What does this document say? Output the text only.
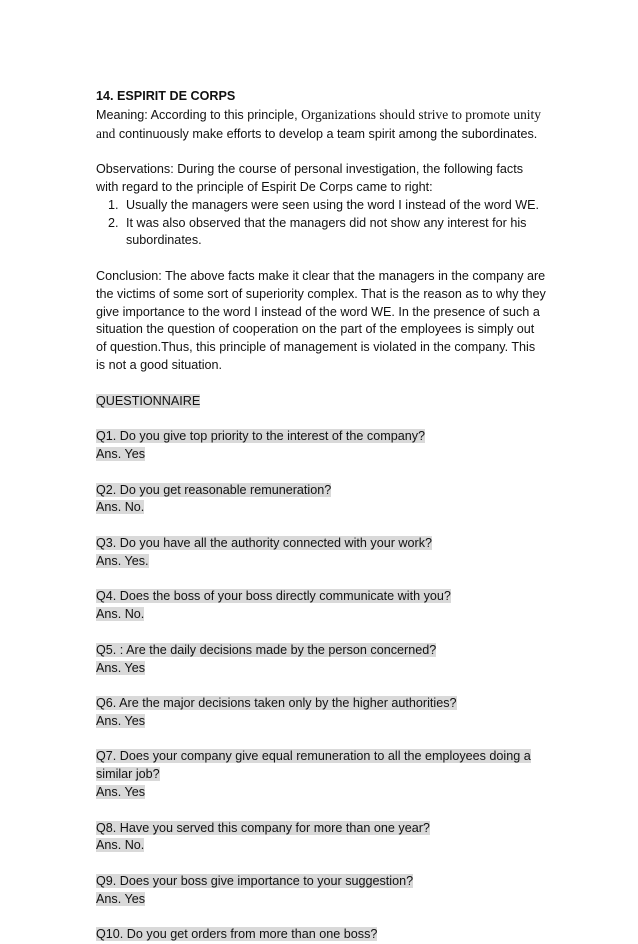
14. ESPIRIT DE CORPS

Meaning: According to this principle, Organizations should strive to promote unity and continuously make efforts to develop a team spirit among the subordinates.

Observations: During the course of personal investigation, the following facts with regard to the principle of Espirit De Corps came to right:

1. Usually the managers were seen using the word I instead of the word WE.
2. It was also observed that the managers did not show any interest for his subordinates.

Conclusion: The above facts make it clear that the managers in the company are the victims of some sort of superiority complex. That is the reason as to why they give importance to the word I instead of the word WE. In the presence of such a situation the question of cooperation on the part of the employees is simply out of question.Thus, this principle of management is violated in the company. This is not a good situation.

QUESTIONNAIRE

Q1. Do you give top priority to the interest of the company?

Ans. Yes

Q2. Do you get reasonable remuneration?

Ans. No.

Q3. Do you have all the authority connected with your work?

Ans. Yes.

Q4. Does the boss of your boss directly communicate with you?

Ans. No.

Q5. : Are the daily decisions made by the person concerned?

Ans. Yes

Q6. Are the major decisions taken only by the higher authorities?

Ans. Yes

Q7. Does your company give equal remuneration to all the employees doing a similar job?

Ans. Yes

Q8. Have you served this company for more than one year?

Ans. No.

Q9. Does your boss give importance to your suggestion?

Ans. Yes

Q10. Do you get orders from more than one boss?
